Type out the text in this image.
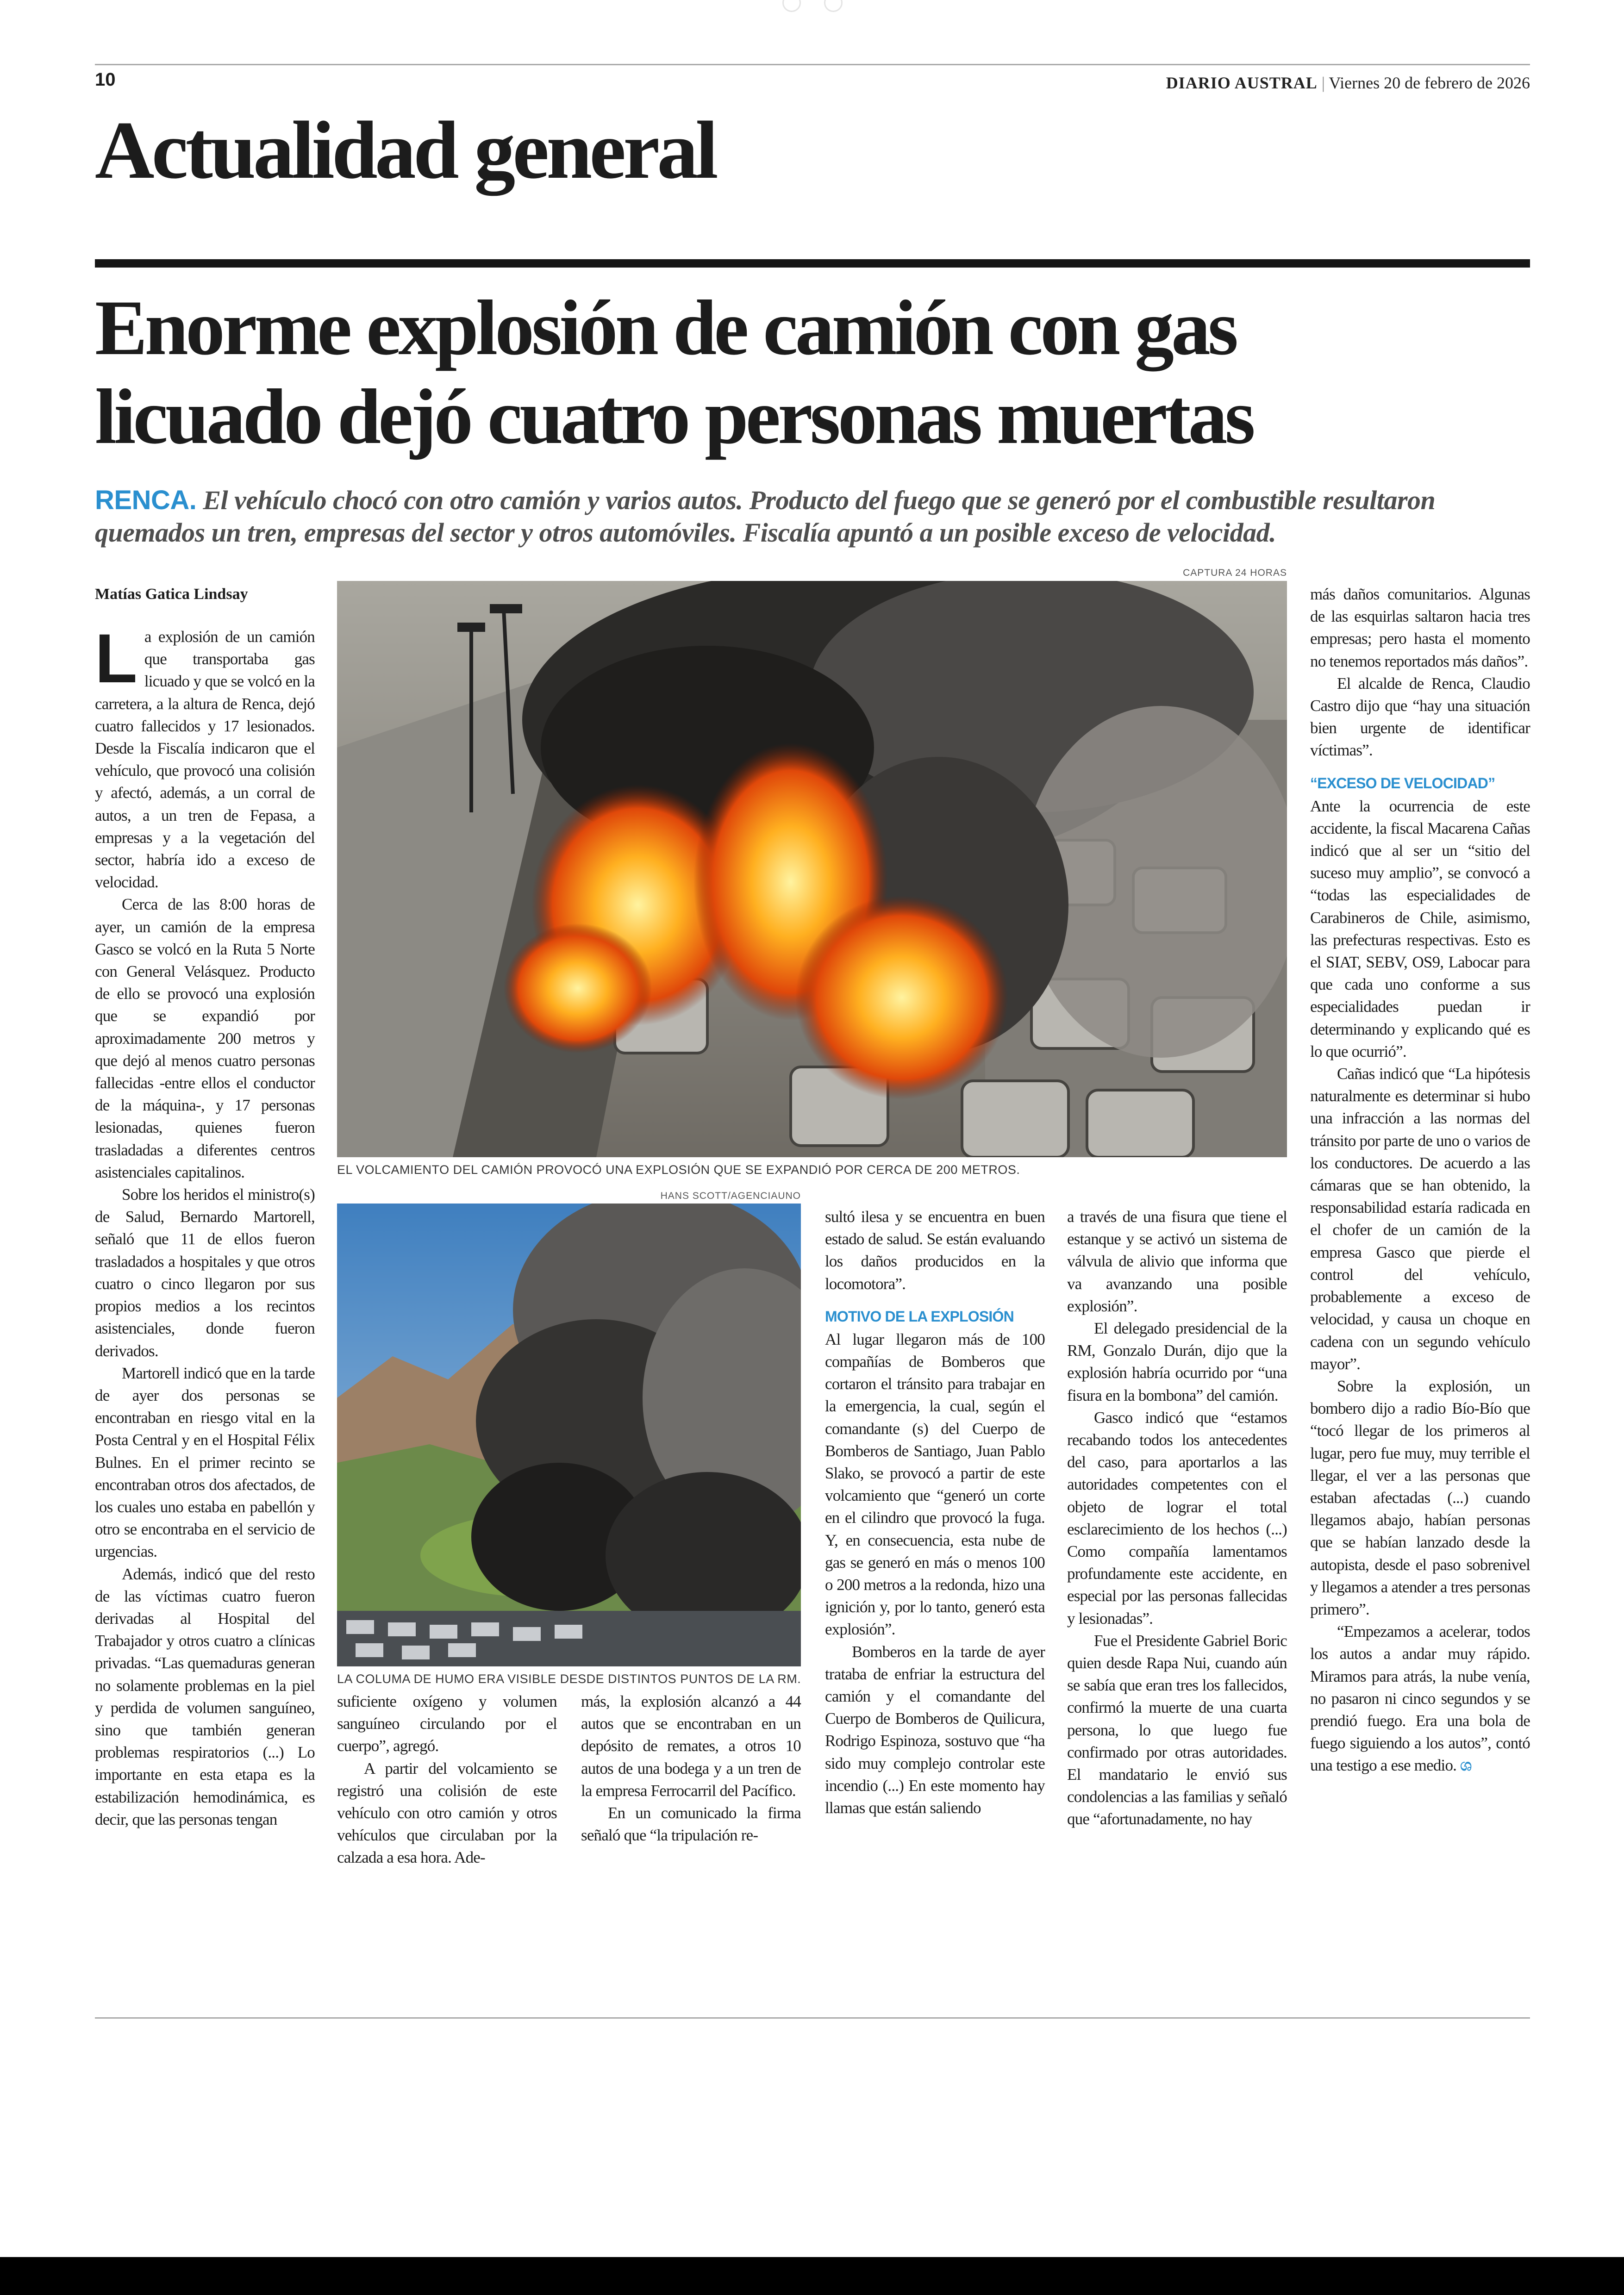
10	DIARIO AUSTRAL | Viernes 20 de febrero de 2026
Actualidad general
Enorme explosión de camión con gas
licuado dejó cuatro personas muertas
RENCA. El vehículo chocó con otro camión y varios autos. Producto del fuego que se generó por el combustible resultaron quemados un tren, empresas del sector y otros automóviles. Fiscalía apuntó a un posible exceso de velocidad.
Matías Gatica Lindsay
CAPTURA 24 HORAS
EL VOLCAMIENTO DEL CAMIÓN PROVOCÓ UNA EXPLOSIÓN QUE SE EXPANDIÓ POR CERCA DE 200 METROS.
HANS SCOTT/AGENCIAUNO
LA COLUMA DE HUMO ERA VISIBLE DESDE DISTINTOS PUNTOS DE LA RM.

La explosión de un camión que transportaba gas licuado y que se volcó en la carretera, a la altura de Renca, dejó cuatro fallecidos y 17 lesionados. Desde la Fiscalía indicaron que el vehículo, que provocó una colisión y afectó, además, a un corral de autos, a un tren de Fepasa, a empresas y a la vegetación del sector, habría ido a exceso de velocidad.

Cerca de las 8:00 horas de ayer, un camión de la empresa Gasco se volcó en la Ruta 5 Norte con General Velásquez. Producto de ello se provocó una explosión que se expandió por aproximadamente 200 metros y que dejó al menos cuatro personas fallecidas -entre ellos el conductor de la máquina-, y 17 personas lesionadas, quienes fueron trasladadas a diferentes centros asistenciales capitalinos.

Sobre los heridos el ministro(s) de Salud, Bernardo Martorell, señaló que 11 de ellos fueron trasladados a hospitales y que otros cuatro o cinco llegaron por sus propios medios a los recintos asistenciales, donde fueron derivados.

Martorell indicó que en la tarde de ayer dos personas se encontraban en riesgo vital en la Posta Central y en el Hospital Félix Bulnes. En el primer recinto se encontraban otros dos afectados, de los cuales uno estaba en pabellón y otro se encontraba en el servicio de urgencias.

Además, indicó que del resto de las víctimas cuatro fueron derivadas al Hospital del Trabajador y otros cuatro a clínicas privadas. “Las quemaduras generan no solamente problemas en la piel y perdida de volumen sanguíneo, sino que también generan problemas respiratorios (...) Lo importante en esta etapa es la estabilización hemodinámica, es decir, que las personas tengan

suficiente oxígeno y volumen sanguíneo circulando por el cuerpo”, agregó.

A partir del volcamiento se registró una colisión de este vehículo con otro camión y otros vehículos que circulaban por la calzada a esa hora. Ade-

más, la explosión alcanzó a 44 autos que se encontraban en un depósito de remates, a otros 10 autos de una bodega y a un tren de la empresa Ferrocarril del Pacífico.

En un comunicado la firma señaló que “la tripulación re-

sultó ilesa y se encuentra en buen estado de salud. Se están evaluando los daños producidos en la locomotora”.

MOTIVO DE LA EXPLOSIÓN

Al lugar llegaron más de 100 compañías de Bomberos que cortaron el tránsito para trabajar en la emergencia, la cual, según el comandante (s) del Cuerpo de Bomberos de Santiago, Juan Pablo Slako, se provocó a partir de este volcamiento que “generó un corte en el cilindro que provocó la fuga. Y, en consecuencia, esta nube de gas se generó en más o menos 100 o 200 metros a la redonda, hizo una ignición y, por lo tanto, generó esta explosión”.

Bomberos en la tarde de ayer trataba de enfriar la estructura del camión y el comandante del Cuerpo de Bomberos de Quilicura, Rodrigo Espinoza, sostuvo que “ha sido muy complejo controlar este incendio (...) En este momento hay llamas que están saliendo

a través de una fisura que tiene el estanque y se activó un sistema de válvula de alivio que informa que va avanzando una posible explosión”.

El delegado presidencial de la RM, Gonzalo Durán, dijo que la explosión habría ocurrido por “una fisura en la bombona” del camión.

Gasco indicó que “estamos recabando todos los antecedentes del caso, para aportarlos a las autoridades competentes con el objeto de lograr el total esclarecimiento de los hechos (...) Como compañía lamentamos profundamente este accidente, en especial por las personas fallecidas y lesionadas”.

Fue el Presidente Gabriel Boric quien desde Rapa Nui, cuando aún se sabía que eran tres los fallecidos, confirmó la muerte de una cuarta persona, lo que luego fue confirmado por otras autoridades. El mandatario le envió sus condolencias a las familias y señaló que “afortunadamente, no hay

más daños comunitarios. Algunas de las esquirlas saltaron hacia tres empresas; pero hasta el momento no tenemos reportados más daños”.

El alcalde de Renca, Claudio Castro dijo que “hay una situación bien urgente de identificar víctimas”.

“EXCESO DE VELOCIDAD”

Ante la ocurrencia de este accidente, la fiscal Macarena Cañas indicó que al ser un “sitio del suceso muy amplio”, se convocó a “todas las especialidades de Carabineros de Chile, asimismo, las prefecturas respectivas. Esto es el SIAT, SEBV, OS9, Labocar para que cada uno conforme a sus especialidades puedan ir determinando y explicando qué es lo que ocurrió”.

Cañas indicó que “La hipótesis naturalmente es determinar si hubo una infracción a las normas del tránsito por parte de uno o varios de los conductores. De acuerdo a las cámaras que se han obtenido, la responsabilidad estaría radicada en el chofer de un camión de la empresa Gasco que pierde el control del vehículo, probablemente a exceso de velocidad, y causa un choque en cadena con un segundo vehículo mayor”.

Sobre la explosión, un bombero dijo a radio Bío-Bío que “tocó llegar de los primeros al lugar, pero fue muy, muy terrible el llegar, el ver a las personas que estaban afectadas (...) cuando llegamos abajo, habían personas que se habían lanzado desde la autopista, desde el paso sobrenivel y llegamos a atender a tres personas primero”.

“Empezamos a acelerar, todos los autos a andar muy rápido. Miramos para atrás, la nube venía, no pasaron ni cinco segundos y se prendió fuego. Era una bola de fuego siguiendo a los autos”, contó una testigo a ese medio. ශ
